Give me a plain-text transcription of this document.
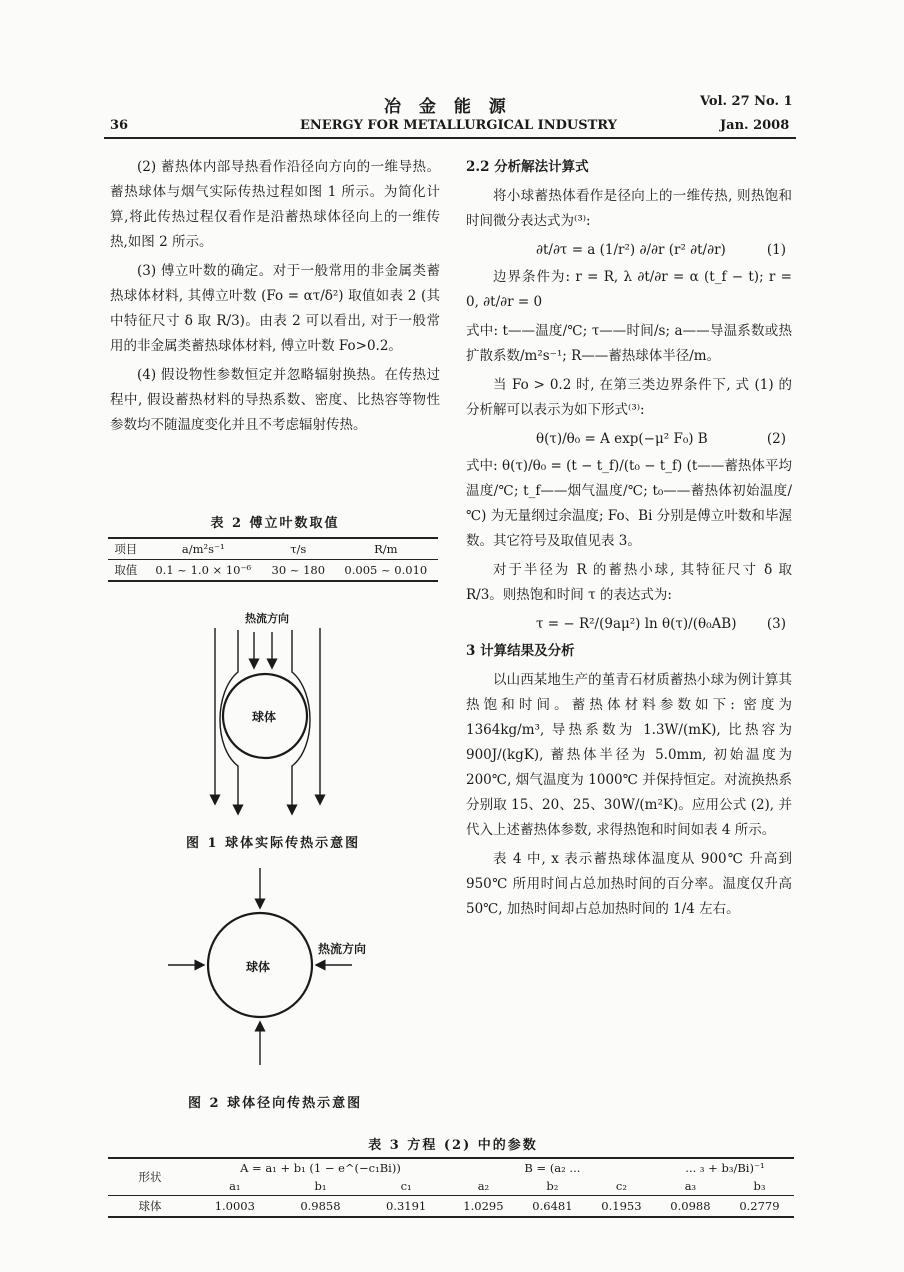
冶 金 能 源
36	ENERGY FOR METALLURGICAL INDUSTRY
Vol. 27 No. 1
Jan. 2008

(2) 蓄热体内部导热看作沿径向方向的一维导热。蓄热球体与烟气实际传热过程如图 1 所示。为简化计算,将此传热过程仅看作是沿蓄热球体径向上的一维传热,如图 2 所示。

(3) 傅立叶数的确定。对于一般常用的非金属类蓄热球体材料, 其傅立叶数 (Fo = ατ/δ²) 取值如表 2 (其中特征尺寸 δ 取 R/3)。由表 2 可以看出, 对于一般常用的非金属类蓄热球体材料, 傅立叶数 Fo>0.2。

(4) 假设物性参数恒定并忽略辐射换热。在传热过程中, 假设蓄热材料的导热系数、密度、比热容等物性参数均不随温度变化并且不考虑辐射传热。

表 2 傅立叶数取值
项目	a/m²s⁻¹	τ/s	R/m
取值	0.1 ~ 1.0 × 10⁻⁶	30 ~ 180	0.005 ~ 0.010
热流方向
球体
图 1 球体实际传热示意图
球体
热流方向
图 2 球体径向传热示意图

2.2 分析解法计算式

将小球蓄热体看作是径向上的一维传热, 则热饱和时间微分表达式为⁽³⁾:

∂t/∂τ = a (1/r²) ∂/∂r (r² ∂t/∂r)	(1)

边界条件为: r = R, λ ∂t/∂r = α (t_f − t); r = 0, ∂t/∂r = 0

式中: t——温度/℃; τ——时间/s; a——导温系数或热扩散系数/m²s⁻¹; R——蓄热球体半径/m。

当 Fo > 0.2 时, 在第三类边界条件下, 式 (1) 的分析解可以表示为如下形式⁽³⁾:

θ(τ)/θ₀ = A exp(−μ² F₀) B	(2)

式中: θ(τ)/θ₀ = (t − t_f)/(t₀ − t_f) (t——蓄热体平均温度/℃; t_f——烟气温度/℃; t₀——蓄热体初始温度/℃) 为无量纲过余温度; Fo、Bi 分别是傅立叶数和毕渥数。其它符号及取值见表 3。

对于半径为 R 的蓄热小球, 其特征尺寸 δ 取 R/3。则热饱和时间 τ 的表达式为:

τ = − R²/(9aμ²) ln θ(τ)/(θ₀AB) (3)

3 计算结果及分析

以山西某地生产的堇青石材质蓄热小球为例计算其热饱和时间。蓄热体材料参数如下: 密度为 1364kg/m³, 导热系数为 1.3W/(mK), 比热容为 900J/(kgK), 蓄热体半径为 5.0mm, 初始温度为 200℃, 烟气温度为 1000℃ 并保持恒定。对流换热系分别取 15、20、25、30W/(m²K)。应用公式 (2), 并代入上述蓄热体参数, 求得热饱和时间如表 4 所示。

表 4 中, x 表示蓄热球体温度从 900℃ 升高到 950℃ 所用时间占总加热时间的百分率。温度仅升高 50℃, 加热时间却占总加热时间的 1/4 左右。

表 3 方程 (2) 中的参数
形状	A = a₁ + b₁ (1 − e^(−c₁Bi))			B = (a₂ ...			... ₃ + b₃/Bi)⁻¹	
	a₁	b₁	c₁	a₂	b₂	c₂	a₃	b₃
球体	1.0003	0.9858	0.3191	1.0295	0.6481	0.1953	0.0988	0.2779
